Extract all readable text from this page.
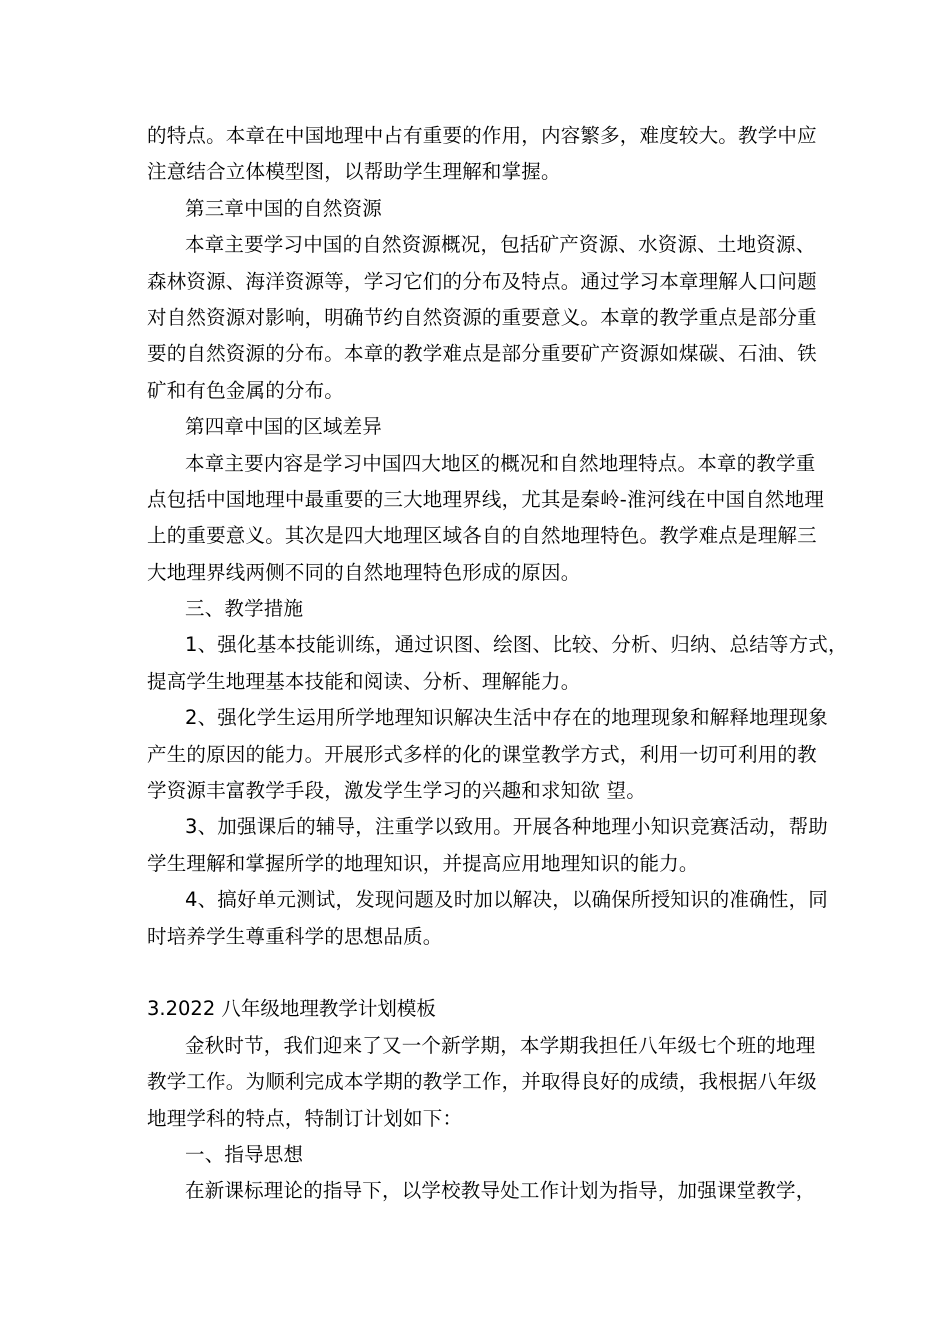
的特点。本章在中国地理中占有重要的作用，内容繁多，难度较大。教学中应
注意结合立体模型图，以帮助学生理解和掌握。
第三章中国的自然资源
本章主要学习中国的自然资源概况，包括矿产资源、水资源、土地资源、
森林资源、海洋资源等，学习它们的分布及特点。通过学习本章理解人口问题
对自然资源对影响，明确节约自然资源的重要意义。本章的教学重点是部分重
要的自然资源的分布。本章的教学难点是部分重要矿产资源如煤碳、石油、铁
矿和有色金属的分布。
第四章中国的区域差异
本章主要内容是学习中国四大地区的概况和自然地理特点。本章的教学重
点包括中国地理中最重要的三大地理界线，尤其是秦岭-淮河线在中国自然地理
上的重要意义。其次是四大地理区域各自的自然地理特色。教学难点是理解三
大地理界线两侧不同的自然地理特色形成的原因。
三、教学措施
1、强化基本技能训练，通过识图、绘图、比较、分析、归纳、总结等方式，
提高学生地理基本技能和阅读、分析、理解能力。
2、强化学生运用所学地理知识解决生活中存在的地理现象和解释地理现象
产生的原因的能力。开展形式多样的化的课堂教学方式，利用一切可利用的教
学资源丰富教学手段，激发学生学习的兴趣和求知欲 望。
3、加强课后的辅导，注重学以致用。开展各种地理小知识竞赛活动，帮助
学生理解和掌握所学的地理知识，并提高应用地理知识的能力。
4、搞好单元测试，发现问题及时加以解决，以确保所授知识的准确性，同
时培养学生尊重科学的思想品质。
3.2022 八年级地理教学计划模板
金秋时节，我们迎来了又一个新学期，本学期我担任八年级七个班的地理
教学工作。为顺利完成本学期的教学工作，并取得良好的成绩，我根据八年级
地理学科的特点，特制订计划如下：
一、指导思想
在新课标理论的指导下，以学校教导处工作计划为指导，加强课堂教学，
